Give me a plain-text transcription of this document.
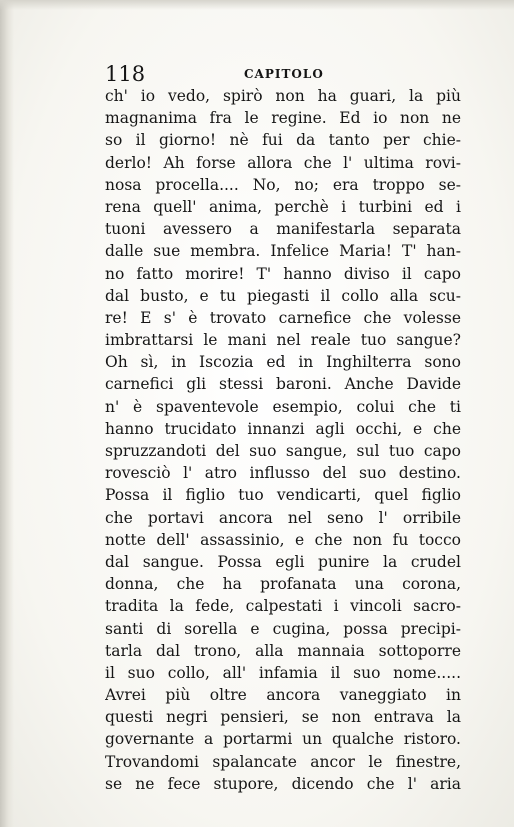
118	CAPITOLO
ch' io vedo, spirò non ha guari, la più
magnanima fra le regine. Ed io non ne
so il giorno! nè fui da tanto per chie-
derlo! Ah forse allora che l' ultima rovi-
nosa procella.... No, no; era troppo se-
rena quell' anima, perchè i turbini ed i
tuoni avessero a manifestarla separata
dalle sue membra. Infelice Maria! T' han-
no fatto morire! T' hanno diviso il capo
dal busto, e tu piegasti il collo alla scu-
re! E s' è trovato carnefice che volesse
imbrattarsi le mani nel reale tuo sangue?
Oh sì, in Iscozia ed in Inghilterra sono
carnefici gli stessi baroni. Anche Davide
n' è spaventevole esempio, colui che ti
hanno trucidato innanzi agli occhi, e che
spruzzandoti del suo sangue, sul tuo capo
rovesciò l' atro influsso del suo destino.
Possa il figlio tuo vendicarti, quel figlio
che portavi ancora nel seno l' orribile
notte dell' assassinio, e che non fu tocco
dal sangue. Possa egli punire la crudel
donna, che ha profanata una corona,
tradita la fede, calpestati i vincoli sacro-
santi di sorella e cugina, possa precipi-
tarla dal trono, alla mannaia sottoporre
il suo collo, all' infamia il suo nome.....
Avrei più oltre ancora vaneggiato in
questi negri pensieri, se non entrava la
governante a portarmi un qualche ristoro.
Trovandomi spalancate ancor le finestre,
se ne fece stupore, dicendo che l' aria
